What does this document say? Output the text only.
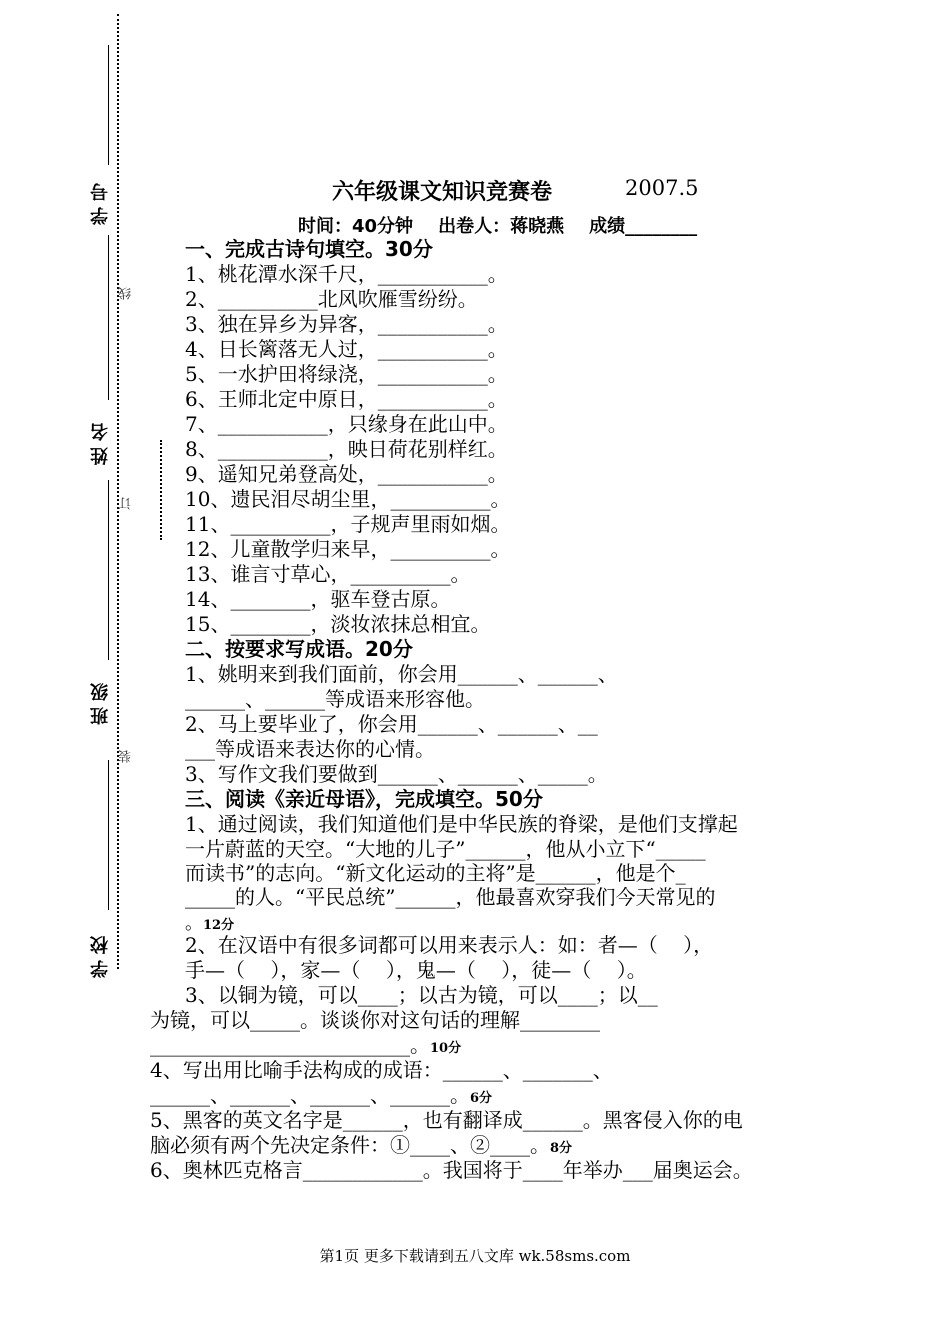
学 号
姓 名
班 级
学 校
线
订
装
六年级课文知识竞赛卷	2007.5
时间：40分钟    出卷人：蒋晓燕    成绩________
一、完成古诗句填空。30分
1、桃花潭水深千尺，___________。
2、__________北风吹雁雪纷纷。
3、独在异乡为异客，___________。
4、日长篱落无人过，___________。
5、一水护田将绿浇，___________。
6、王师北定中原日，___________。
7、___________，只缘身在此山中。
8、___________，映日荷花别样红。
9、遥知兄弟登高处，___________。
10、遗民泪尽胡尘里，__________。
11、__________，子规声里雨如烟。
12、儿童散学归来早，__________。
13、谁言寸草心，__________。
14、________，驱车登古原。
15、________，淡妆浓抹总相宜。
二、按要求写成语。20分
1、姚明来到我们面前，你会用______、______、
______、______等成语来形容他。
2、马上要毕业了，你会用______、______、__
___等成语来表达你的心情。
3、写作文我们要做到______、______、_____。
三、阅读《亲近母语》，完成填空。50分
1、通过阅读，我们知道他们是中华民族的脊梁，是他们支撑起
一片蔚蓝的天空。“大地的儿子”______，他从小立下“_____
而读书”的志向。“新文化运动的主将”是______，他是个_
_____的人。“平民总统”______，他最喜欢穿我们今天常见的
。12分
2、在汉语中有很多词都可以用来表示人：如：者—（    ），
手—（    ），家—（    ），鬼—（    ），徒—（    ）。
3、以铜为镜，可以____；以古为镜，可以____；以__
为镜，可以_____。谈谈你对这句话的理解________
__________________________。10分
4、写出用比喻手法构成的成语：______、_______、
______、______、______、______。6分
5、黑客的英文名字是______，也有翻译成______。黑客侵入你的电
脑必须有两个先决定条件：①____、②____。8分
6、奥林匹克格言____________。我国将于____年举办___届奥运会。
第1页 更多下载请到五八文库 wk.58sms.com
